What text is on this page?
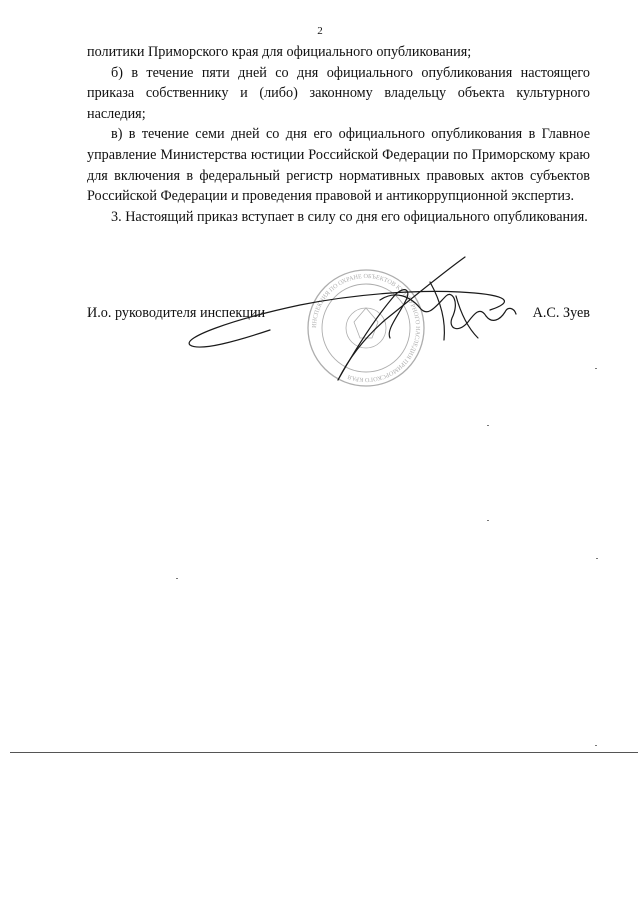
2

политики Приморского края для официального опубликования;

б) в течение пяти дней со дня официального опубликования настоящего приказа собственнику и (либо) законному владельцу объекта культурного наследия;

в) в течение семи дней со дня его официального опубликования в Главное управление Министерства юстиции Российской Федерации по Приморскому краю для включения в федеральный регистр нормативных правовых актов субъектов Российской Федерации и проведения правовой и антикоррупционной экспертиз.

3. Настоящий приказ вступает в силу со дня его официального опубликования.

И.о. руководителя инспекции	А.С. Зуев
ИНСПЕКЦИЯ ПО ОХРАНЕ ОБЪЕКТОВ КУЛЬТУРНОГО НАСЛЕДИЯ ПРИМОРСКОГО КРАЯ
